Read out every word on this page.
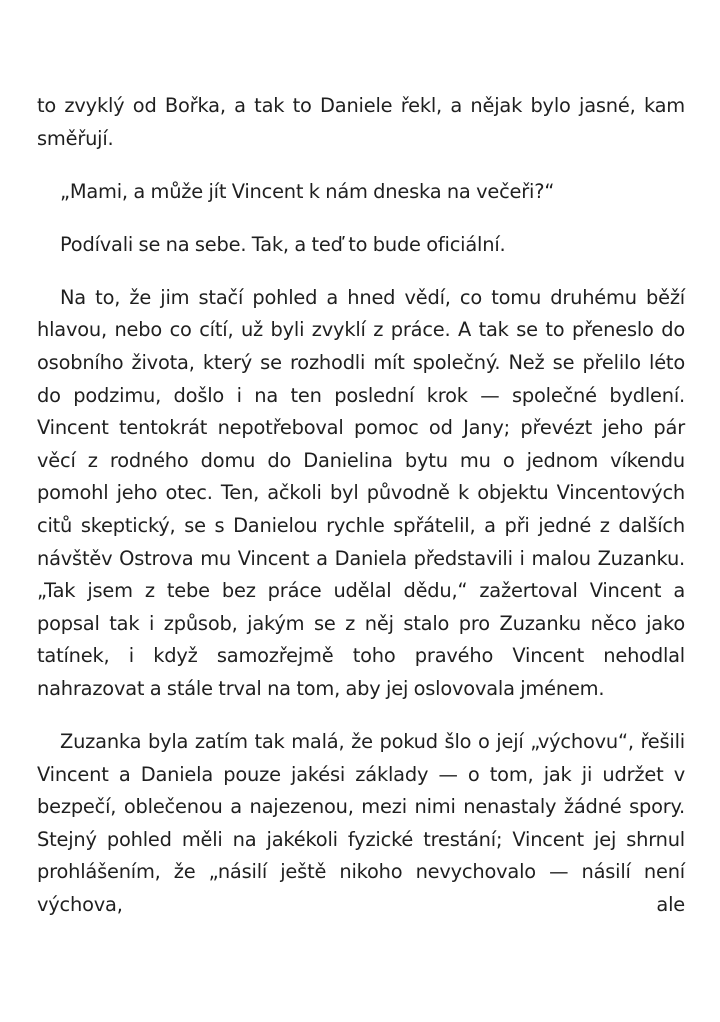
to zvyklý od Bořka, a tak to Daniele řekl, a nějak bylo jasné, kam směřují.

„Mami, a může jít Vincent k nám dneska na večeři?“

Podívali se na sebe. Tak, a teď to bude oficiální.

Na to, že jim stačí pohled a hned vědí, co tomu druhému běží hlavou, nebo co cítí, už byli zvyklí z práce. A tak se to přeneslo do osobního života, který se rozhodli mít společný. Než se přelilo léto do podzimu, došlo i na ten poslední krok — společné bydlení. Vincent tentokrát nepotřeboval pomoc od Jany; převézt jeho pár věcí z rodného domu do Danielina bytu mu o jednom víkendu pomohl jeho otec. Ten, ačkoli byl původně k objektu Vincentových citů skeptický, se s Danielou rychle spřátelil, a při jedné z dalších návštěv Ostrova mu Vincent a Daniela představili i malou Zuzanku. „Tak jsem z tebe bez práce udělal dědu,“ zažertoval Vincent a popsal tak i způsob, jakým se z něj stalo pro Zuzanku něco jako tatínek, i když samozřejmě toho pravého Vincent nehodlal nahrazovat a stále trval na tom, aby jej oslovovala jménem.

Zuzanka byla zatím tak malá, že pokud šlo o její „výchovu“, řešili Vincent a Daniela pouze jakési základy — o tom, jak ji udržet v bezpečí, oblečenou a najezenou, mezi nimi nenastaly žádné spory. Stejný pohled měli na jakékoli fyzické trestání; Vincent jej shrnul prohlášením, že „násilí ještě nikoho nevychovalo — násilí není výchova, ale
